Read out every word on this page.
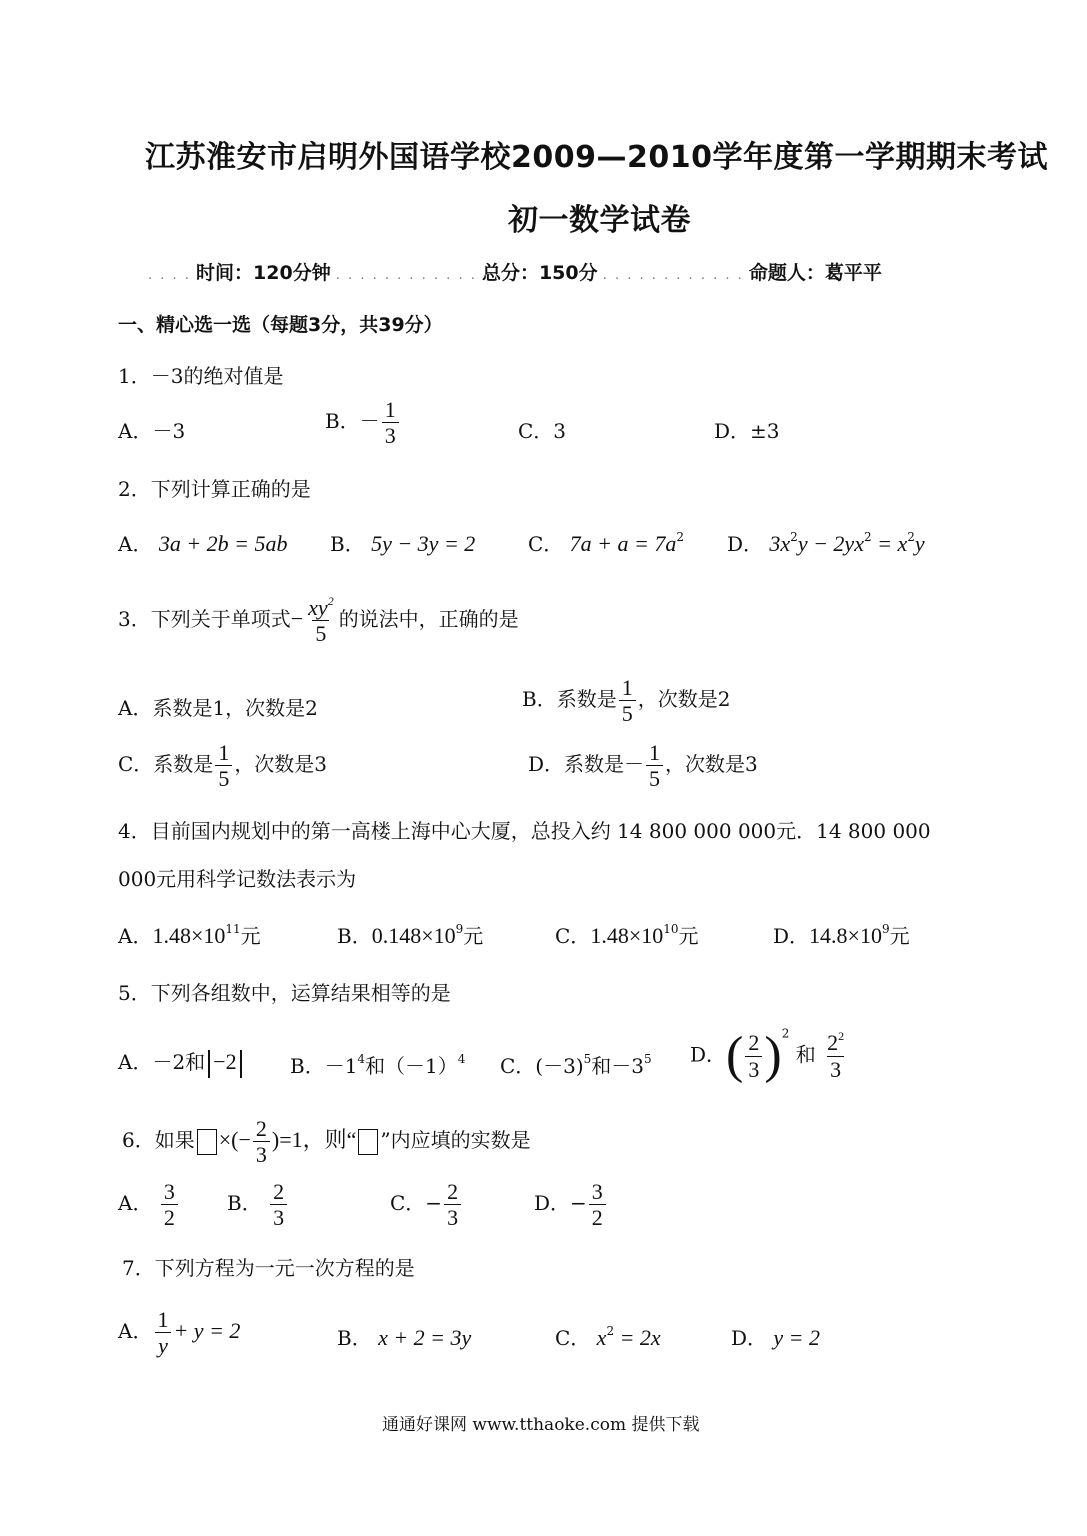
江苏淮安市启明外国语学校2009—2010学年度第一学期期末考试
初一数学试卷
. . . . 时间：120分钟 . . . . . . . . . . . . 总分：150分 . . . . . . . . . . . . 命题人：葛平平
一、精心选一选（每题3分，共39分）
1．－3的绝对值是
A．－3	B．－ $\frac{1}{3}$	C．3	D．±3
2．下列计算正确的是
A． 3a + 2b = 5ab B． 5y − 3y = 2	C． $7a + a = 7a^2$ D． $3x^2y - 2yx^2 = x^2y$
3．下列关于单项式− $\frac{xy^2}{5}$ 的说法中，正确的是
A．系数是1，次数是2	B．系数是 $\frac{1}{5}$ ，次数是2
C．系数是 $\frac{1}{5}$ ，次数是3	D．系数是－ $\frac{1}{5}$ ，次数是3
4．目前国内规划中的第一高楼上海中心大厦，总投入约 14 800 000 000元．14 800 000
000元用科学记数法表示为
A．$1.48\times 10^{11}$元	B．$0.148\times 10^9$元	C．$1.48\times 10^{10}$元	D．$14.8\times 10^9$元
5．下列各组数中，运算结果相等的是
A．－2和 −2	B．$-1^4$和$(-1)^4$ C．$(-3)^5$和$-3^5$ D．( $\frac{2}{3} )^2$ 和 $\frac{2^2}{3}$
6．如果 ×(− $\frac{2}{3} )=1$，则“ ”内应填的实数是
A． $\frac{3}{2}$ B． $\frac{2}{3}$	C．− $\frac{2}{3}$	D．− $\frac{3}{2}$
7．下列方程为一元一次方程的是
A． $\frac{1}{y} + y = 2$	B． x + 2 = 3y	C． $x^2 = 2x$	D． y = 2
通通好课网 www.tthaoke.com 提供下载
